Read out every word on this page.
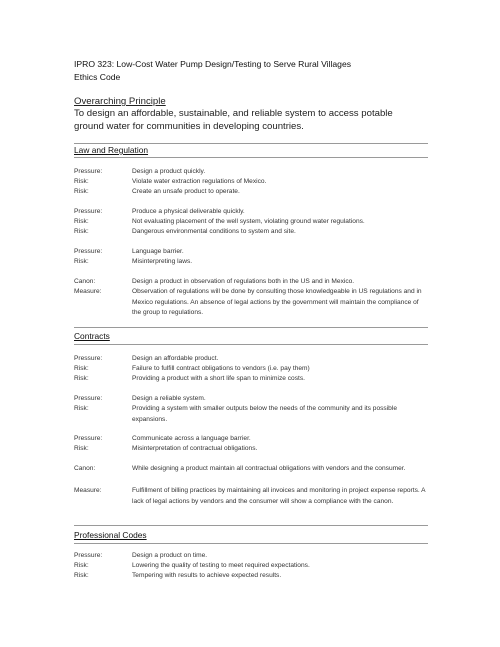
IPRO 323: Low-Cost Water Pump Design/Testing to Serve Rural Villages
Ethics Code
Overarching Principle
To design an affordable, sustainable, and reliable system to access potable ground water for communities in developing countries.
Law and Regulation
Pressure:	Design a product quickly.
Risk:	Violate water extraction regulations of Mexico.
Risk:	Create an unsafe product to operate.
Pressure:	Produce a physical deliverable quickly.
Risk:	Not evaluating placement of the well system, violating ground water regulations.
Risk:	Dangerous environmental conditions to system and site.
Pressure:	Language barrier.
Risk:	Misinterpreting laws.
Canon:	Design a product in observation of regulations both in the US and in Mexico.
Measure:	Observation of regulations will be done by consulting those knowledgeable in US regulations and in Mexico regulations. An absence of legal actions by the government will maintain the compliance of the group to regulations.
Contracts
Pressure:	Design an affordable product.
Risk:	Failure to fulfill contract obligations to vendors (i.e. pay them)
Risk:	Providing a product with a short life span to minimize costs.
Pressure:	Design a reliable system.
Risk:	Providing a system with smaller outputs below the needs of the community and its possible expansions.
Pressure:	Communicate across a language barrier.
Risk:	Misinterpretation of contractual obligations.
Canon:	While designing a product maintain all contractual obligations with vendors and the consumer.
Measure:	Fulfillment of billing practices by maintaining all invoices and monitoring in project expense reports. A lack of legal actions by vendors and the consumer will show a compliance with the canon.
Professional Codes
Pressure:	Design a product on time.
Risk:	Lowering the quality of testing to meet required expectations.
Risk:	Tempering with results to achieve expected results.
